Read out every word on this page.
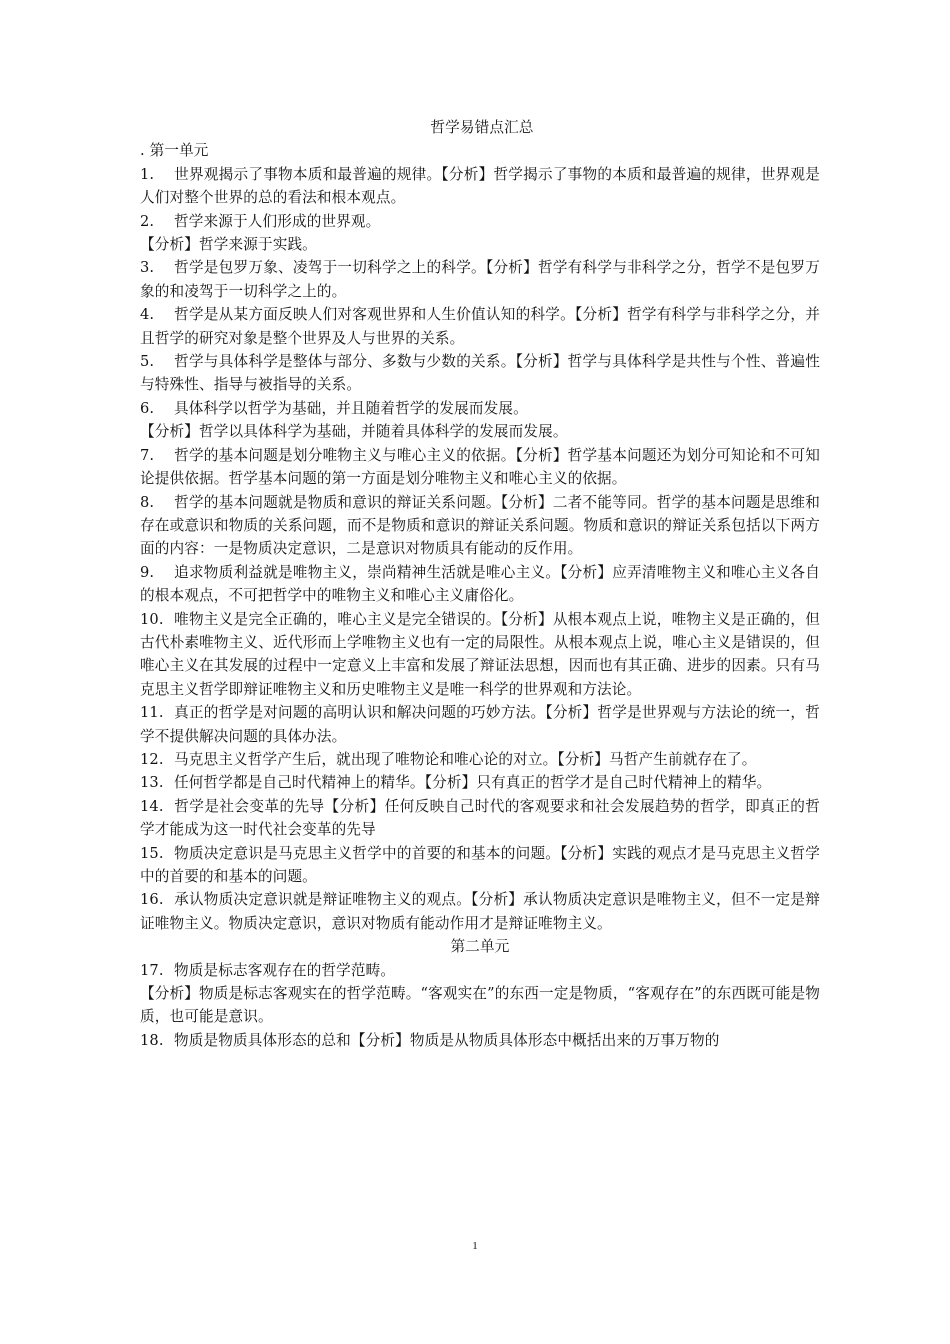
哲学易错点汇总

. 第一单元

1. 世界观揭示了事物本质和最普遍的规律。【分析】哲学揭示了事物的本质和最普遍的规律，世界观是人们对整个世界的总的看法和根本观点。

2. 哲学来源于人们形成的世界观。

【分析】哲学来源于实践。

3. 哲学是包罗万象、凌驾于一切科学之上的科学。【分析】哲学有科学与非科学之分，哲学不是包罗万象的和凌驾于一切科学之上的。

4. 哲学是从某方面反映人们对客观世界和人生价值认知的科学。【分析】哲学有科学与非科学之分，并且哲学的研究对象是整个世界及人与世界的关系。

5. 哲学与具体科学是整体与部分、多数与少数的关系。【分析】哲学与具体科学是共性与个性、普遍性与特殊性、指导与被指导的关系。

6. 具体科学以哲学为基础，并且随着哲学的发展而发展。

【分析】哲学以具体科学为基础，并随着具体科学的发展而发展。

7. 哲学的基本问题是划分唯物主义与唯心主义的依据。【分析】哲学基本问题还为划分可知论和不可知论提供依据。哲学基本问题的第一方面是划分唯物主义和唯心主义的依据。

8. 哲学的基本问题就是物质和意识的辩证关系问题。【分析】二者不能等同。哲学的基本问题是思维和存在或意识和物质的关系问题，而不是物质和意识的辩证关系问题。物质和意识的辩证关系包括以下两方面的内容：一是物质决定意识，二是意识对物质具有能动的反作用。

9. 追求物质利益就是唯物主义，崇尚精神生活就是唯心主义。【分析】应弄清唯物主义和唯心主义各自的根本观点，不可把哲学中的唯物主义和唯心主义庸俗化。

10. 唯物主义是完全正确的，唯心主义是完全错误的。【分析】从根本观点上说，唯物主义是正确的，但古代朴素唯物主义、近代形而上学唯物主义也有一定的局限性。从根本观点上说，唯心主义是错误的，但唯心主义在其发展的过程中一定意义上丰富和发展了辩证法思想，因而也有其正确、进步的因素。只有马克思主义哲学即辩证唯物主义和历史唯物主义是唯一科学的世界观和方法论。

11. 真正的哲学是对问题的高明认识和解决问题的巧妙方法。【分析】哲学是世界观与方法论的统一，哲学不提供解决问题的具体办法。

12. 马克思主义哲学产生后，就出现了唯物论和唯心论的对立。【分析】马哲产生前就存在了。

13. 任何哲学都是自己时代精神上的精华。【分析】只有真正的哲学才是自己时代精神上的精华。

14. 哲学是社会变革的先导【分析】任何反映自己时代的客观要求和社会发展趋势的哲学，即真正的哲学才能成为这一时代社会变革的先导

15. 物质决定意识是马克思主义哲学中的首要的和基本的问题。【分析】实践的观点才是马克思主义哲学中的首要的和基本的问题。

16. 承认物质决定意识就是辩证唯物主义的观点。【分析】承认物质决定意识是唯物主义，但不一定是辩证唯物主义。物质决定意识，意识对物质有能动作用才是辩证唯物主义。

第二单元

17. 物质是标志客观存在的哲学范畴。

【分析】物质是标志客观实在的哲学范畴。“客观实在”的东西一定是物质，“客观存在”的东西既可能是物质，也可能是意识。

18. 物质是物质具体形态的总和【分析】物质是从物质具体形态中概括出来的万事万物的

1
